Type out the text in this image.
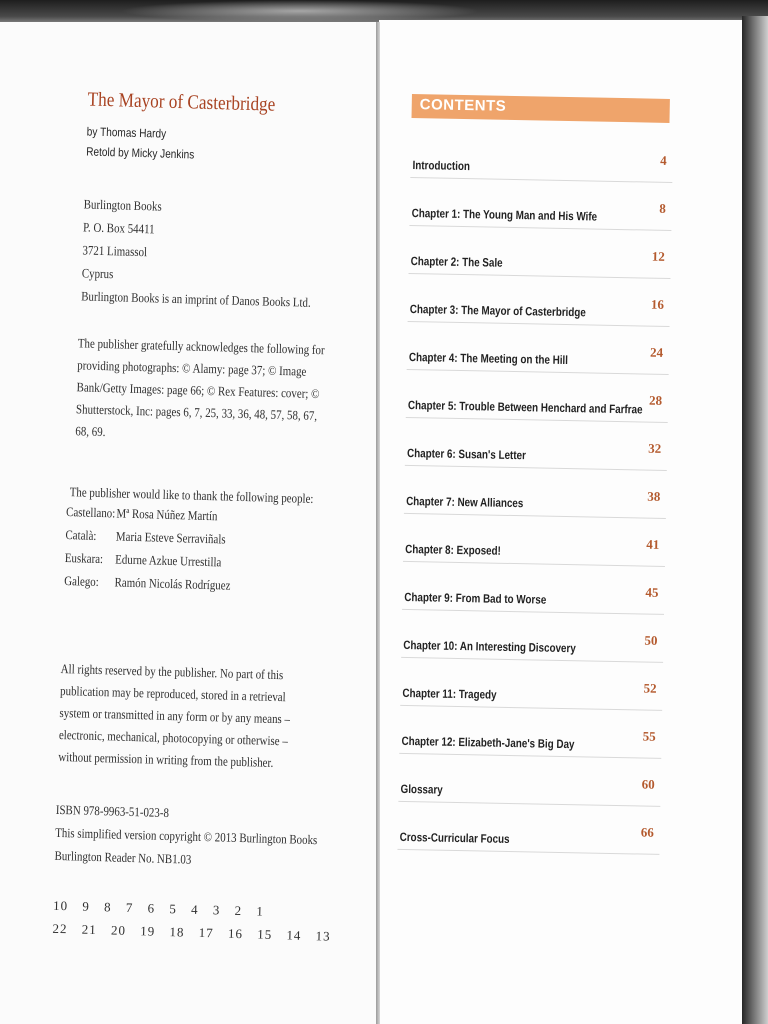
The Mayor of Casterbridge
by Thomas Hardy
Retold by Micky Jenkins
Burlington Books
P. O. Box 54411
3721 Limassol
Cyprus
Burlington Books is an imprint of Danos Books Ltd.
The publisher gratefully acknowledges the following for providing photographs: © Alamy: page 37; © Image Bank/Getty Images: page 66; © Rex Features: cover; © Shutterstock, Inc: pages 6, 7, 25, 33, 36, 48, 57, 58, 67, 68, 69.
The publisher would like to thank the following people:
Castellano:Mª Rosa Núñez Martín
Català: Maria Esteve Serraviñals
Euskara: Edurne Azkue Urrestilla
Galego: Ramón Nicolás Rodríguez
All rights reserved by the publisher. No part of this publication may be reproduced, stored in a retrieval system or transmitted in any form or by any means – electronic, mechanical, photocopying or otherwise – without permission in writing from the publisher.
ISBN 978-9963-51-023-8
This simplified version copyright © 2013 Burlington Books
Burlington Reader No. NB1.03
10 9 8 7 6 5 4 3 2 1
22 21 20 19 18 17 16 15 14 13
CONTENTS
Introduction	4
Chapter 1: The Young Man and His Wife	8
Chapter 2: The Sale	12
Chapter 3: The Mayor of Casterbridge	16
Chapter 4: The Meeting on the Hill	24
Chapter 5: Trouble Between Henchard and Farfrae 28
Chapter 6: Susan's Letter	32
Chapter 7: New Alliances	38
Chapter 8: Exposed!	41
Chapter 9: From Bad to Worse	45
Chapter 10: An Interesting Discovery	50
Chapter 11: Tragedy	52
Chapter 12: Elizabeth-Jane's Big Day	55
Glossary	60
Cross-Curricular Focus	66
